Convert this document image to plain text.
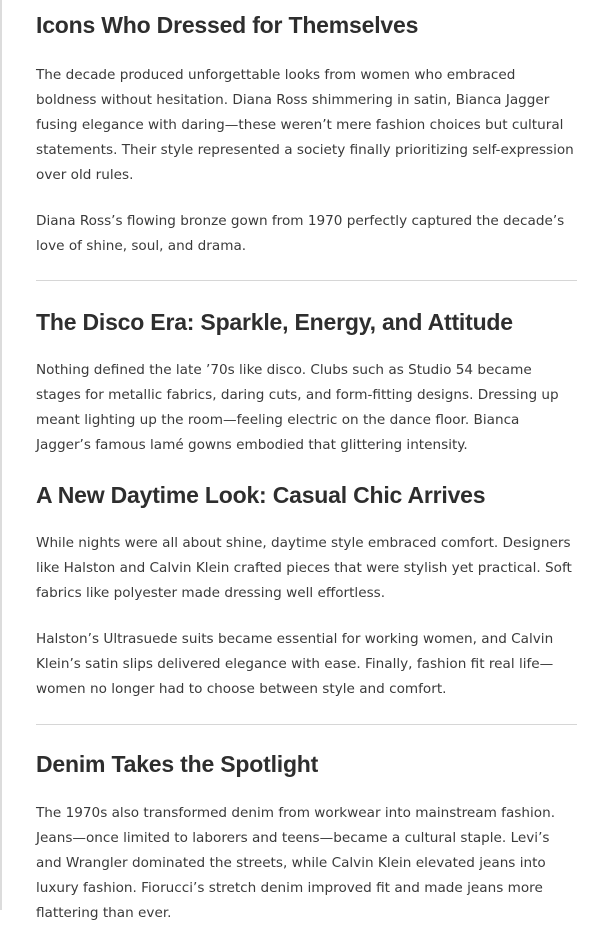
Icons Who Dressed for Themselves

The decade produced unforgettable looks from women who embraced boldness without hesitation. Diana Ross shimmering in satin, Bianca Jagger fusing elegance with daring—these weren’t mere fashion choices but cultural statements. Their style represented a society finally prioritizing self-expression over old rules.

Diana Ross’s flowing bronze gown from 1970 perfectly captured the decade’s love of shine, soul, and drama.

The Disco Era: Sparkle, Energy, and Attitude

Nothing defined the late ’70s like disco. Clubs such as Studio 54 became stages for metallic fabrics, daring cuts, and form-fitting designs. Dressing up meant lighting up the room—feeling electric on the dance floor. Bianca Jagger’s famous lamé gowns embodied that glittering intensity.

A New Daytime Look: Casual Chic Arrives

While nights were all about shine, daytime style embraced comfort. Designers like Halston and Calvin Klein crafted pieces that were stylish yet practical. Soft fabrics like polyester made dressing well effortless.

Halston’s Ultrasuede suits became essential for working women, and Calvin Klein’s satin slips delivered elegance with ease. Finally, fashion fit real life—women no longer had to choose between style and comfort.

Denim Takes the Spotlight

The 1970s also transformed denim from workwear into mainstream fashion. Jeans—once limited to laborers and teens—became a cultural staple. Levi’s and Wrangler dominated the streets, while Calvin Klein elevated jeans into luxury fashion. Fiorucci’s stretch denim improved fit and made jeans more flattering than ever.
